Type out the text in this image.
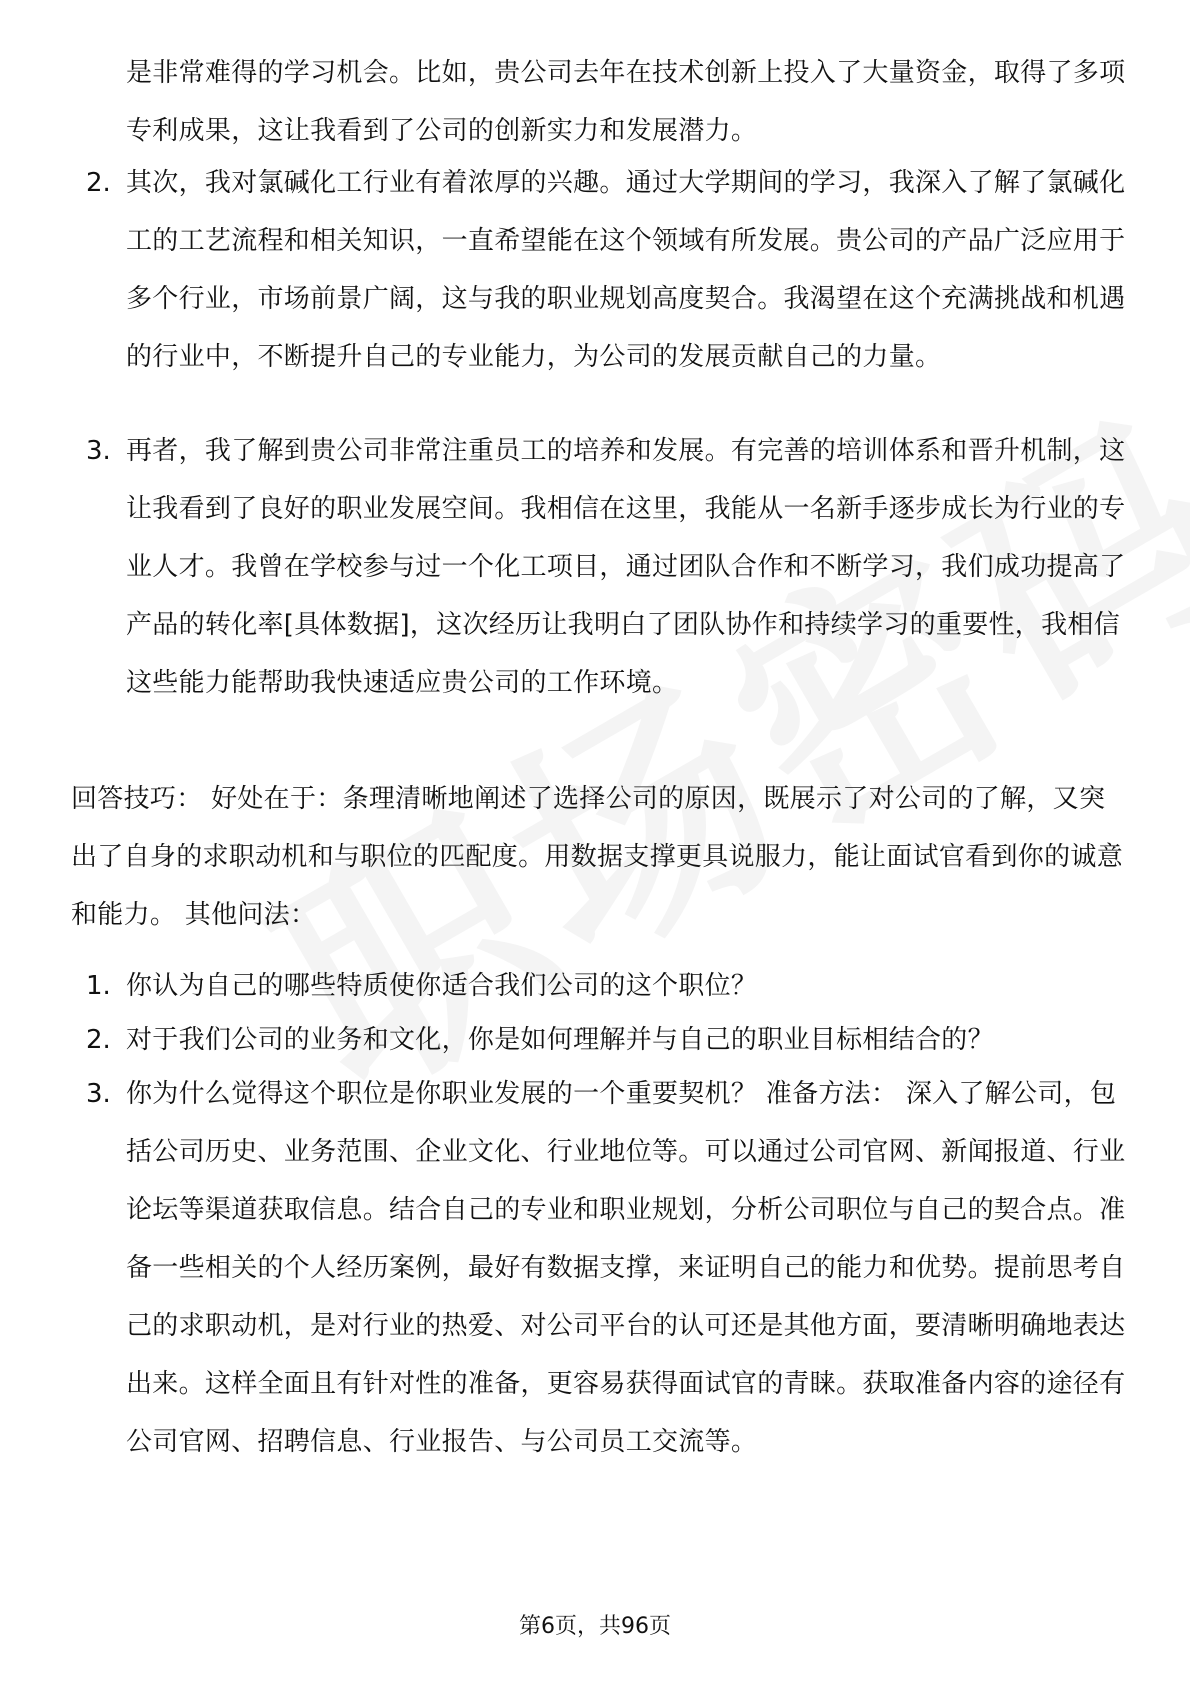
是非常难得的学习机会。比如，贵公司去年在技术创新上投入了大量资金，取得了多项专利成果，这让我看到了公司的创新实力和发展潜力。
2. 其次，我对氯碱化工行业有着浓厚的兴趣。通过大学期间的学习，我深入了解了氯碱化工的工艺流程和相关知识，一直希望能在这个领域有所发展。贵公司的产品广泛应用于多个行业，市场前景广阔，这与我的职业规划高度契合。我渴望在这个充满挑战和机遇的行业中，不断提升自己的专业能力，为公司的发展贡献自己的力量。
3. 再者，我了解到贵公司非常注重员工的培养和发展。有完善的培训体系和晋升机制，这让我看到了良好的职业发展空间。我相信在这里，我能从一名新手逐步成长为行业的专业人才。我曾在学校参与过一个化工项目，通过团队合作和不断学习，我们成功提高了产品的转化率[具体数据]，这次经历让我明白了团队协作和持续学习的重要性，我相信这些能力能帮助我快速适应贵公司的工作环境。
回答技巧： 好处在于：条理清晰地阐述了选择公司的原因，既展示了对公司的了解，又突出了自身的求职动机和与职位的匹配度。用数据支撑更具说服力，能让面试官看到你的诚意和能力。 其他问法：
1. 你认为自己的哪些特质使你适合我们公司的这个职位？
2. 对于我们公司的业务和文化，你是如何理解并与自己的职业目标相结合的？
3. 你为什么觉得这个职位是你职业发展的一个重要契机？ 准备方法： 深入了解公司，包括公司历史、业务范围、企业文化、行业地位等。可以通过公司官网、新闻报道、行业论坛等渠道获取信息。结合自己的专业和职业规划，分析公司职位与自己的契合点。准备一些相关的个人经历案例，最好有数据支撑，来证明自己的能力和优势。提前思考自己的求职动机，是对行业的热爱、对公司平台的认可还是其他方面，要清晰明确地表达出来。这样全面且有针对性的准备，更容易获得面试官的青睐。获取准备内容的途径有公司官网、招聘信息、行业报告、与公司员工交流等。
第6页，共96页
